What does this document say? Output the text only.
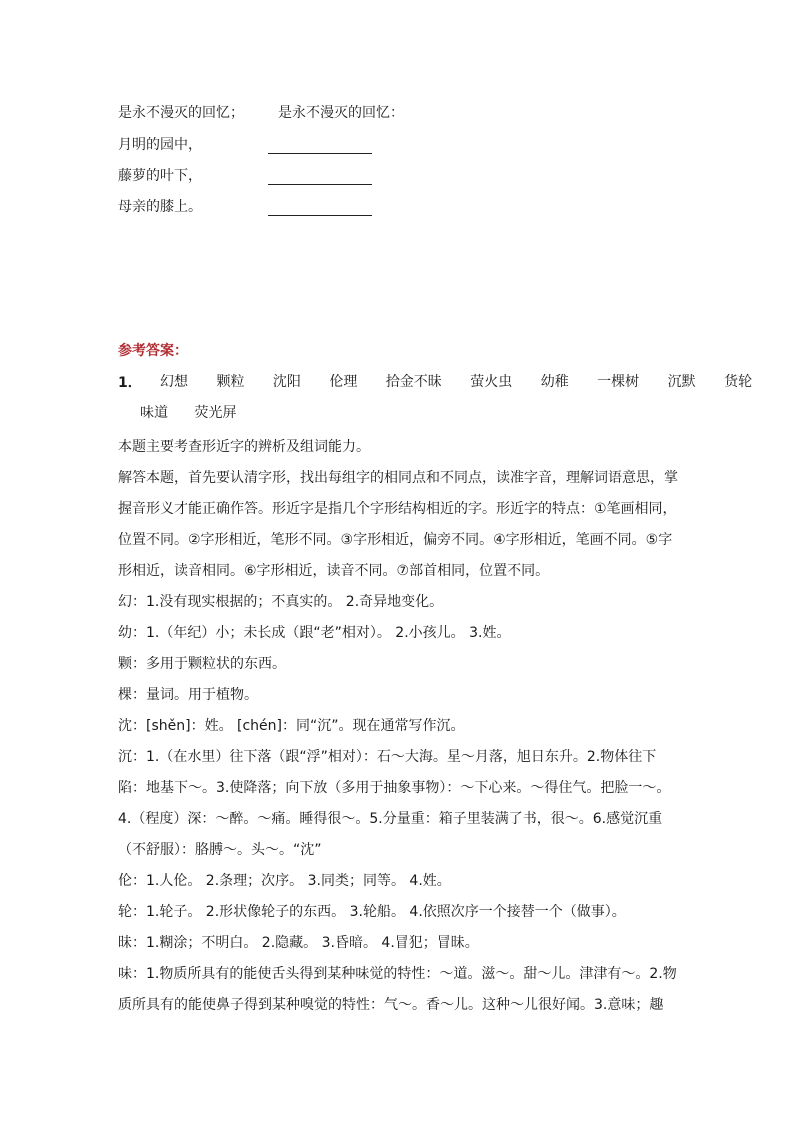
是永不漫灭的回忆； 是永不漫灭的回忆：
月明的园中，
藤萝的叶下，
母亲的膝上。
参考答案：
1． 幻想 颗粒 沈阳 伦理 拾金不昧 萤火虫 幼稚 一棵树 沉默 货轮
味道 荧光屏
本题主要考查形近字的辨析及组词能力。
解答本题，首先要认清字形，找出每组字的相同点和不同点，读准字音，理解词语意思，掌握音形义才能正确作答。形近字是指几个字形结构相近的字。形近字的特点：①笔画相同，位置不同。②字形相近，笔形不同。③字形相近，偏旁不同。④字形相近，笔画不同。⑤字形相近，读音相同。⑥字形相近，读音不同。⑦部首相同，位置不同。
幻：1.没有现实根据的；不真实的。 2.奇异地变化。
幼：1.（年纪）小；未长成（跟“老”相对）。 2.小孩儿。 3.姓。
颗：多用于颗粒状的东西。
棵：量词。用于植物。
沈：[shěn]：姓。 [chén]：同“沉”。现在通常写作沉。
沉：1.（在水里）往下落（跟“浮”相对）：石～大海。星～月落，旭日东升。2.物体往下陷：地基下～。3.使降落；向下放（多用于抽象事物）：～下心来。～得住气。把脸一～。4.（程度）深：～醉。～痛。睡得很～。5.分量重：箱子里装满了书，很～。6.感觉沉重（不舒服）：胳膊～。头～。“沈”
伦：1.人伦。 2.条理；次序。 3.同类；同等。 4.姓。
轮：1.轮子。 2.形状像轮子的东西。 3.轮船。 4.依照次序一个接替一个（做事）。
昧：1.糊涂；不明白。 2.隐藏。 3.昏暗。 4.冒犯；冒昧。
味：1.物质所具有的能使舌头得到某种味觉的特性：～道。滋～。甜～儿。津津有～。2.物质所具有的能使鼻子得到某种嗅觉的特性：气～。香～儿。这种～儿很好闻。3.意味；趣
